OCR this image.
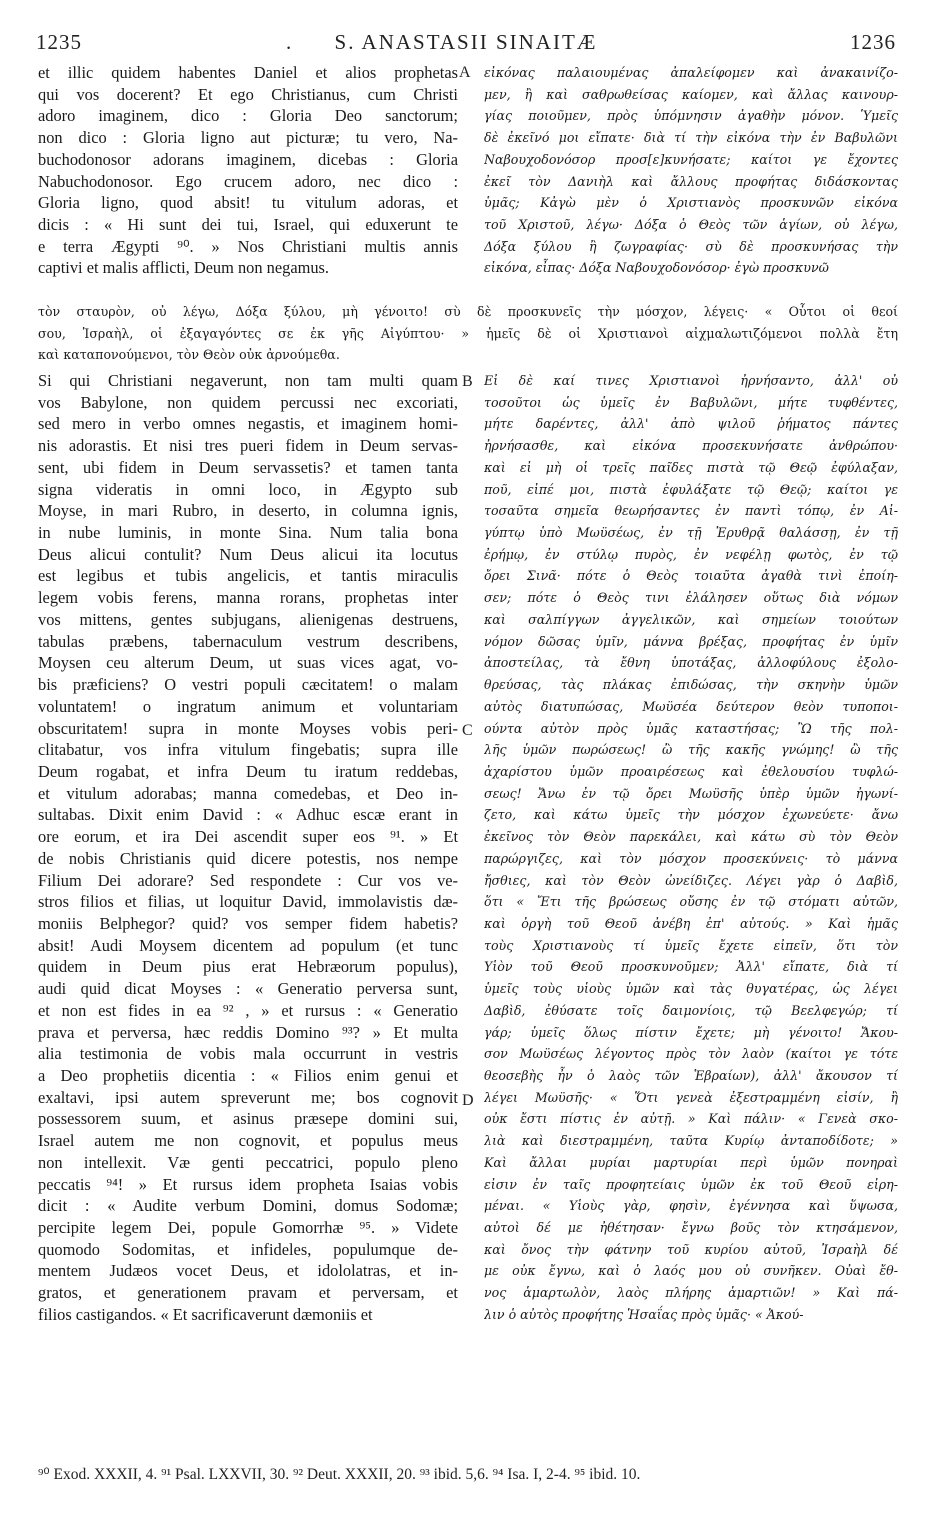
1235	.	S. ANASTASII SINAITÆ	1236
A
B
C
D
et illic quidem habentes Daniel et alios prophetas
qui vos docerent? Et ego Christianus, cum Christi
adoro imaginem, dico : Gloria Deo sanctorum;
non dico : Gloria ligno aut picturæ; tu vero, Na-
buchodonosor adorans imaginem, dicebas : Gloria
Nabuchodonosor. Ego crucem adoro, nec dico :
Gloria ligno, quod absit! tu vitulum adoras, et
dicis : « Hi sunt dei tui, Israel, qui eduxerunt te
e terra Ægypti ⁹⁰. » Nos Christiani multis annis
captivi et malis afflicti, Deum non negamus.
εἰκόνας παλαιουμένας ἀπαλείφομεν καὶ ἀνακαινίζο-
μεν, ἢ καὶ σαθρωθείσας καίομεν, καὶ ἄλλας καινουρ-
γίας ποιοῦμεν, πρὸς ὑπόμνησιν ἀγαθὴν μόνον. Ὑμεῖς
δὲ ἐκεῖνό μοι εἴπατε· διὰ τί τὴν εἰκόνα τὴν ἐν Βαβυλῶνι
Ναβουχοδονόσορ προσ[ε]κυνήσατε; καίτοι γε ἔχοντες
ἐκεῖ τὸν Δανιὴλ καὶ ἄλλους προφήτας διδάσκοντας
ὑμᾶς; Κἀγὼ μὲν ὁ Χριστιανὸς προσκυνῶν εἰκόνα
τοῦ Χριστοῦ, λέγω· Δόξα ὁ Θεὸς τῶν ἁγίων, οὐ λέγω,
Δόξα ξύλου ἢ ζωγραφίας· σὺ δὲ προσκυνήσας τὴν
εἰκόνα, εἶπας· Δόξα Ναβουχοδονόσορ· ἐγὼ προσκυνῶ
τὸν σταυρὸν, οὐ λέγω, Δόξα ξύλου, μὴ γένοιτο! σὺ δὲ προσκυνεῖς τὴν μόσχον, λέγεις· « Οὗτοι οἱ θεοί
σου, Ἰσραὴλ, οἱ ἐξαγαγόντες σε ἐκ γῆς Αἰγύπτου· » ἡμεῖς δὲ οἱ Χριστιανοὶ αἰχμαλωτιζόμενοι πολλὰ ἔτη
καὶ καταπονούμενοι, τὸν Θεὸν οὐκ ἀρνούμεθα.
Si qui Christiani negaverunt, non tam multi quam
vos Babylone, non quidem percussi nec excoriati,
sed mero in verbo omnes negastis, et imaginem homi-
nis adorastis. Et nisi tres pueri fidem in Deum servas-
sent, ubi fidem in Deum servassetis? et tamen tanta
signa videratis in omni loco, in Ægypto sub
Moyse, in mari Rubro, in deserto, in columna ignis,
in nube luminis, in monte Sina. Num talia bona
Deus alicui contulit? Num Deus alicui ita locutus
est legibus et tubis angelicis, et tantis miraculis
legem vobis ferens, manna rorans, prophetas inter
vos mittens, gentes subjugans, alienigenas destruens,
tabulas præbens, tabernaculum vestrum describens,
Moysen ceu alterum Deum, ut suas vices agat, vo-
bis præficiens? O vestri populi cæcitatem! o malam
voluntatem! o ingratum animum et voluntariam
obscuritatem! supra in monte Moyses vobis peri-
clitabatur, vos infra vitulum fingebatis; supra ille
Deum rogabat, et infra Deum tu iratum reddebas,
et vitulum adorabas; manna comedebas, et Deo in-
sultabas. Dixit enim David : « Adhuc escæ erant in
ore eorum, et ira Dei ascendit super eos ⁹¹. » Et
de nobis Christianis quid dicere potestis, nos nempe
Filium Dei adorare? Sed respondete : Cur vos ve-
stros filios et filias, ut loquitur David, immolavistis dæ-
moniis Belphegor? quid? vos semper fidem habetis?
absit! Audi Moysem dicentem ad populum (et tunc
quidem in Deum pius erat Hebræorum populus),
audi quid dicat Moyses : « Generatio perversa sunt,
et non est fides in ea ⁹² , » et rursus : « Generatio
prava et perversa, hæc reddis Domino ⁹³? » Et multa
alia testimonia de vobis mala occurrunt in vestris
a Deo prophetiis dicentia : « Filios enim genui et
exaltavi, ipsi autem spreverunt me; bos cognovit
possessorem suum, et asinus præsepe domini sui,
Israel autem me non cognovit, et populus meus
non intellexit. Væ genti peccatrici, populo pleno
peccatis ⁹⁴! » Et rursus idem propheta Isaias vobis
dicit : « Audite verbum Domini, domus Sodomæ;
percipite legem Dei, popule Gomorrhæ ⁹⁵. » Videte
quomodo Sodomitas, et infideles, populumque de-
mentem Judæos vocet Deus, et idololatras, et in-
gratos, et generationem pravam et perversam, et
filios castigandos. « Et sacrificaverunt dæmoniis et
Εἰ δὲ καί τινες Χριστιανοὶ ἠρνήσαντο, ἀλλ' οὐ
τοσοῦτοι ὡς ὑμεῖς ἐν Βαβυλῶνι, μήτε τυφθέντες,
μήτε δαρέντες, ἀλλ' ἀπὸ ψιλοῦ ῥήματος πάντες
ἠρνήσασθε, καὶ εἰκόνα προσεκυνήσατε ἀνθρώπου·
καὶ εἰ μὴ οἱ τρεῖς παῖδες πιστὰ τῷ Θεῷ ἐφύλαξαν,
ποῦ, εἰπέ μοι, πιστὰ ἐφυλάξατε τῷ Θεῷ; καίτοι γε
τοσαῦτα σημεῖα θεωρήσαντες ἐν παντὶ τόπῳ, ἐν Αἰ-
γύπτῳ ὑπὸ Μωϋσέως, ἐν τῇ Ἐρυθρᾷ θαλάσσῃ, ἐν τῇ
ἐρήμῳ, ἐν στύλῳ πυρὸς, ἐν νεφέλῃ φωτὸς, ἐν τῷ
ὄρει Σινᾶ· πότε ὁ Θεὸς τοιαῦτα ἀγαθὰ τινὶ ἐποίη-
σεν; πότε ὁ Θεὸς τινι ἐλάλησεν οὕτως διὰ νόμων
καὶ σαλπίγγων ἀγγελικῶν, καὶ σημείων τοιούτων
νόμον δῶσας ὑμῖν, μάννα βρέξας, προφήτας ἐν ὑμῖν
ἀποστείλας, τὰ ἔθνη ὑποτάξας, ἀλλοφύλους ἐξολο-
θρεύσας, τὰς πλάκας ἐπιδώσας, τὴν σκηνὴν ὑμῶν
αὐτὸς διατυπώσας, Μωϋσέα δεύτερον θεὸν τυποποι-
ούντα αὐτὸν πρὸς ὑμᾶς καταστήσας; Ὢ τῆς πολ-
λῆς ὑμῶν πωρώσεως! ὢ τῆς κακῆς γνώμης! ὢ τῆς
ἀχαρίστου ὑμῶν προαιρέσεως καὶ ἐθελουσίου τυφλώ-
σεως! Ἄνω ἐν τῷ ὄρει Μωϋσῆς ὑπὲρ ὑμῶν ἠγωνί-
ζετο, καὶ κάτω ὑμεῖς τὴν μόσχον ἐχωνεύετε· ἄνω
ἐκεῖνος τὸν Θεὸν παρεκάλει, καὶ κάτω σὺ τὸν Θεὸν
παρώργιζες, καὶ τὸν μόσχον προσεκύνεις· τὸ μάννα
ἤσθιες, καὶ τὸν Θεὸν ὠνείδιζες. Λέγει γὰρ ὁ Δαβὶδ,
ὅτι « Ἔτι τῆς βρώσεως οὔσης ἐν τῷ στόματι αὐτῶν,
καὶ ὀργὴ τοῦ Θεοῦ ἀνέβη ἐπ' αὐτούς. » Καὶ ἡμᾶς
τοὺς Χριστιανοὺς τί ὑμεῖς ἔχετε εἰπεῖν, ὅτι τὸν
Υἱὸν τοῦ Θεοῦ προσκυνοῦμεν; Ἀλλ' εἴπατε, διὰ τί
ὑμεῖς τοὺς υἱοὺς ὑμῶν καὶ τὰς θυγατέρας, ὡς λέγει
Δαβὶδ, ἐθύσατε τοῖς δαιμονίοις, τῷ Βεελφεγώρ; τί
γάρ; ὑμεῖς ὅλως πίστιν ἔχετε; μὴ γένοιτο! Ἄκου-
σον Μωϋσέως λέγοντος πρὸς τὸν λαὸν (καίτοι γε τότε
θεοσεβὴς ἦν ὁ λαὸς τῶν Ἑβραίων), ἀλλ' ἄκουσον τί
λέγει Μωϋσῆς· « Ὅτι γενεὰ ἐξεστραμμένη εἰσίν, ἢ
οὐκ ἔστι πίστις ἐν αὐτῇ. » Καὶ πάλιν· « Γενεὰ σκο-
λιὰ καὶ διεστραμμένη, ταῦτα Κυρίῳ ἀνταποδίδοτε; »
Καὶ ἄλλαι μυρίαι μαρτυρίαι περὶ ὑμῶν πονηραὶ
εἰσιν ἐν ταῖς προφητείαις ὑμῶν ἐκ τοῦ Θεοῦ εἰρη-
μέναι. « Υἱοὺς γὰρ, φησὶν, ἐγέννησα καὶ ὕψωσα,
αὐτοὶ δέ με ἠθέτησαν· ἔγνω βοῦς τὸν κτησάμενον,
καὶ ὄνος τὴν φάτνην τοῦ κυρίου αὐτοῦ, Ἰσραὴλ δέ
με οὐκ ἔγνω, καὶ ὁ λαός μου οὐ συνῆκεν. Οὐαὶ ἔθ-
νος ἁμαρτωλὸν, λαὸς πλήρης ἁμαρτιῶν! » Καὶ πά-
λιν ὁ αὐτὸς προφήτης Ἡσαΐας πρὸς ὑμᾶς· « Ἀκού-
⁹⁰ Exod. XXXII, 4. ⁹¹ Psal. LXXVII, 30. ⁹² Deut. XXXII, 20. ⁹³ ibid. 5,6. ⁹⁴ Isa. I, 2-4. ⁹⁵ ibid. 10.
